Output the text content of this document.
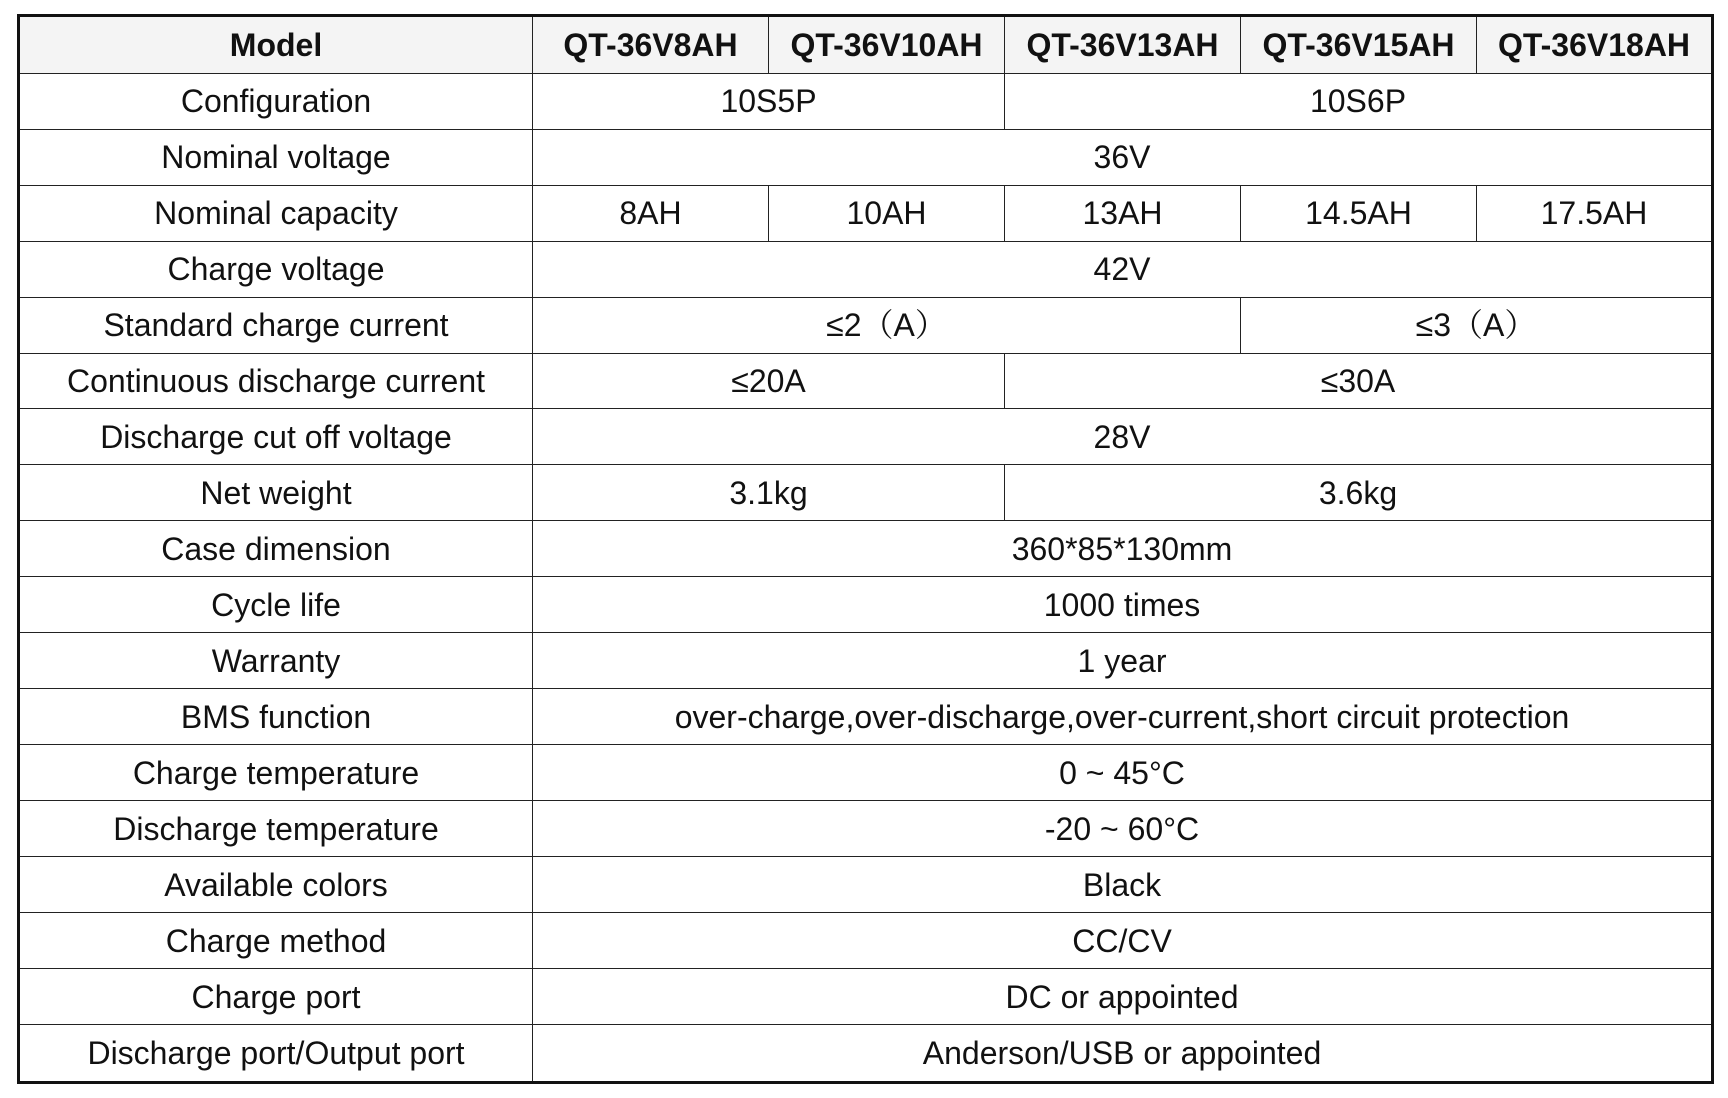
Model	QT-36V8AH	QT-36V10AH	QT-36V13AH	QT-36V15AH	QT-36V18AH
Configuration	10S5P		10S6P		
Nominal voltage	36V				
Nominal capacity	8AH	10AH	13AH	14.5AH	17.5AH
Charge voltage	42V				
Standard charge current	≤2（A）			≤3（A）	
Continuous discharge current	≤20A		≤30A		
Discharge cut off voltage	28V				
Net weight	3.1kg		3.6kg		
Case dimension	360*85*130mm				
Cycle life	1000 times				
Warranty	1 year				
BMS function	over-charge,over-discharge,over-current,short circuit protection				
Charge temperature	0 ~ 45°C				
Discharge temperature	-20 ~ 60°C				
Available colors	Black				
Charge method	CC/CV				
Charge port	DC or appointed				
Discharge port/Output port	Anderson/USB or appointed				
